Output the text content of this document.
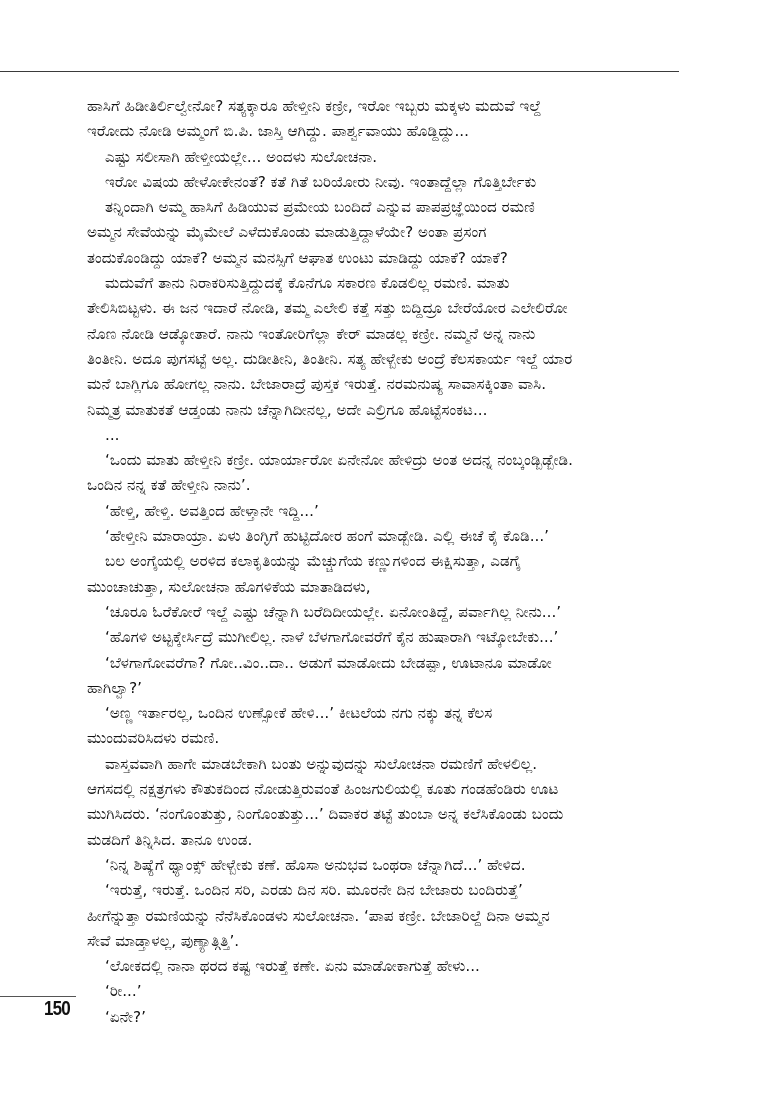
ಹಾಸಿಗೆ ಹಿಡೀತಿರ್ಲಿಲ್ವೇನೋ? ಸತ್ಯಕ್ಕಾರೂ ಹೇಳ್ತೀನಿ ಕಣ್ರೀ, ಇರೋ ಇಬ್ಬರು ಮಕ್ಕಳು ಮದುವೆ ಇಲ್ದೆ
ಇರೋದು ನೋಡಿ ಅಮ್ಮಂಗೆ ಬಿ.ಪಿ. ಜಾಸ್ತಿ ಆಗಿದ್ದು. ಪಾರ್ಶ್ವವಾಯು ಹೊಡ್ದಿದ್ದು...
ಎಷ್ಟು ಸಲೀಸಾಗಿ ಹೇಳ್ತೀಯಲ್ಲೇ... ಅಂದಳು ಸುಲೋಚನಾ.
ಇರೋ ವಿಷಯ ಹೇಳೋಕೇನಂತೆ? ಕತೆ ಗಿತೆ ಬರಿಯೋರು ನೀವು. ಇಂತಾದ್ದೆಲ್ಲಾ ಗೊತ್ತಿರ್ಬೇಕು
ತನ್ನಿಂದಾಗಿ ಅಮ್ಮ ಹಾಸಿಗೆ ಹಿಡಿಯುವ ಪ್ರಮೇಯ ಬಂದಿದೆ ಎನ್ನುವ ಪಾಪಪ್ರಜ್ಞೆಯಿಂದ ರಮಣಿ
ಅಮ್ಮನ ಸೇವೆಯನ್ನು ಮೈಮೇಲೆ ಎಳೆದುಕೊಂಡು ಮಾಡುತ್ತಿದ್ದಾಳೆಯೇ? ಅಂತಾ ಪ್ರಸಂಗ
ತಂದುಕೊಂಡಿದ್ದು ಯಾಕೆ? ಅಮ್ಮನ ಮನಸ್ಸಿಗೆ ಆಘಾತ ಉಂಟು ಮಾಡಿದ್ದು ಯಾಕೆ? ಯಾಕೆ?
ಮದುವೆಗೆ ತಾನು ನಿರಾಕರಿಸುತ್ತಿದ್ದುದಕ್ಕೆ ಕೊನೆಗೂ ಸಕಾರಣ ಕೊಡಲಿಲ್ಲ ರಮಣಿ. ಮಾತು
ತೇಲಿಸಿಬಿಟ್ಟಳು. ಈ ಜನ ಇದಾರೆ ನೋಡಿ, ತಮ್ಮ ಎಲೇಲಿ ಕತ್ತೆ ಸತ್ತು ಬಿದ್ದಿದ್ರೂ ಬೇರೆಯೋರ ಎಲೇಲಿರೋ
ನೊಣ ನೋಡಿ ಆಡ್ಕೋತಾರೆ. ನಾನು ಇಂತೋರಿಗೆಲ್ಲಾ ಕೇರ್ ಮಾಡಲ್ಲ ಕಣ್ರೀ. ನಮ್ಮನೆ ಅನ್ನ ನಾನು
ತಿಂತೀನಿ. ಅದೂ ಪುಗಸಟ್ಟೆ ಅಲ್ಲ. ದುಡೀತೀನಿ, ತಿಂತೀನಿ. ಸತ್ಯ ಹೇಳ್ಬೇಕು ಅಂದ್ರೆ ಕೆಲಸಕಾರ್ಯ ಇಲ್ದೆ ಯಾರ
ಮನೆ ಬಾಗ್ಲಿಗೂ ಹೋಗಲ್ಲ ನಾನು. ಬೇಜಾರಾದ್ರೆ ಪುಸ್ತಕ ಇರುತ್ತೆ. ನರಮನುಷ್ಯ ಸಾವಾಸಕ್ಕಿಂತಾ ವಾಸಿ.
ನಿಮ್ಮತ್ರ ಮಾತುಕತೆ ಆಡ್ತಂಡು ನಾನು ಚೆನ್ನಾಗಿದೀನಲ್ಲ, ಅದೇ ಎಲ್ರಿಗೂ ಹೊಟ್ಟೆಸಂಕಟ...
...
‘ಒಂದು ಮಾತು ಹೇಳ್ತೀನಿ ಕಣ್ರೀ. ಯಾರ್ಯಾರೋ ಏನೇನೋ ಹೇಳಿದ್ರು ಅಂತ ಅದನ್ನ ನಂಬ್ಕಂಡ್ಬಿಡ್ಬೇಡಿ.
ಒಂದಿನ ನನ್ನ ಕತೆ ಹೇಳ್ತೀನಿ ನಾನು’.
‘ಹೇಳ್ತಿ, ಹೇಳ್ತಿ. ಅವತ್ತಿಂದ ಹೇಳ್ತಾನೇ ಇದ್ದಿ...’
‘ಹೇಳ್ತೀನಿ ಮಾರಾಯ್ರಾ. ಏಳು ತಿಂಗ್ಳಿಗೆ ಹುಟ್ಟಿದೋರ ಹಂಗೆ ಮಾಡ್ಬೇಡಿ. ಎಲ್ಲಿ ಈಚೆ ಕೈ ಕೊಡಿ...’
ಬಲ ಅಂಗೈಯಲ್ಲಿ ಅರಳಿದ ಕಲಾಕೃತಿಯನ್ನು ಮೆಚ್ಚುಗೆಯ ಕಣ್ಣುಗಳಿಂದ ಈಕ್ಷಿಸುತ್ತಾ, ಎಡಗೈ
ಮುಂಚಾಚುತ್ತಾ, ಸುಲೋಚನಾ ಹೊಗಳಿಕೆಯ ಮಾತಾಡಿದಳು,
‘ಚೂರೂ ಓರೆಕೋರೆ ಇಲ್ದೆ ಎಷ್ಟು ಚೆನ್ನಾಗಿ ಬರೆದಿದೀಯಲ್ಲೇ. ಏನೋಂತಿದ್ದೆ, ಪರ್ವಾಗಿಲ್ಲ ನೀನು...’
‘ಹೊಗಳಿ ಅಟ್ಟಕ್ಕೇರ್ಸಿದ್ರೆ ಮುಗೀಲಿಲ್ಲ. ನಾಳೆ ಬೆಳಗಾಗೋವರೆಗೆ ಕೈನ ಹುಷಾರಾಗಿ ಇಟ್ಕೋಬೇಕು...’
‘ಬೆಳಗಾಗೋವರೆಗಾ? ಗೋ..ವಿಂ..ದಾ.. ಅಡುಗೆ ಮಾಡೋದು ಬೇಡಪ್ಪಾ, ಊಟಾನೂ ಮಾಡೋ
ಹಾಗಿಲ್ವಾ?’
‘ಅಣ್ಣ ಇರ್ತಾರಲ್ಲ, ಒಂದಿನ ಉಣ್ಸೋಕೆ ಹೇಳಿ...’ ಕೀಟಲೆಯ ನಗು ನಕ್ಕು ತನ್ನ ಕೆಲಸ
ಮುಂದುವರಿಸಿದಳು ರಮಣಿ.
ವಾಸ್ತವವಾಗಿ ಹಾಗೇ ಮಾಡಬೇಕಾಗಿ ಬಂತು ಅನ್ನುವುದನ್ನು ಸುಲೋಚನಾ ರಮಣಿಗೆ ಹೇಳಲಿಲ್ಲ.
ಆಗಸದಲ್ಲಿ ನಕ್ಷತ್ರಗಳು ಕೌತುಕದಿಂದ ನೋಡುತ್ತಿರುವಂತೆ ಹಿಂಜಗುಲಿಯಲ್ಲಿ ಕೂತು ಗಂಡಹೆಂಡಿರು ಊಟ
ಮುಗಿಸಿದರು. ‘ನಂಗೊಂತುತ್ತು, ನಿಂಗೊಂತುತ್ತು...’ ದಿವಾಕರ ತಟ್ಟೆ ತುಂಬಾ ಅನ್ನ ಕಲೆಸಿಕೊಂಡು ಬಂದು
ಮಡದಿಗೆ ತಿನ್ನಿಸಿದ. ತಾನೂ ಉಂಡ.
‘ನಿನ್ನ ಶಿಷ್ಯೆಗೆ ಥ್ಯಾಂಕ್ಸ್ ಹೇಳ್ಬೇಕು ಕಣೆ. ಹೊಸಾ ಅನುಭವ ಒಂಥರಾ ಚೆನ್ನಾಗಿದೆ...’ ಹೇಳಿದ.
‘ಇರುತ್ತೆ, ಇರುತ್ತೆ. ಒಂದಿನ ಸರಿ, ಎರಡು ದಿನ ಸರಿ. ಮೂರನೇ ದಿನ ಬೇಜಾರು ಬಂದಿರುತ್ತೆ’
ಹೀಗೆನ್ನುತ್ತಾ ರಮಣಿಯನ್ನು ನೆನೆಸಿಕೊಂಡಳು ಸುಲೋಚನಾ. ‘ಪಾಪ ಕಣ್ರೀ. ಬೇಜಾರಿಲ್ದೆ ದಿನಾ ಅಮ್ಮನ
ಸೇವೆ ಮಾಡ್ತಾಳಲ್ಲ, ಪುಣ್ಯಾತ್ಗಿತ್ತಿ’.
‘ಲೋಕದಲ್ಲಿ ನಾನಾ ಥರದ ಕಷ್ಟ ಇರುತ್ತೆ ಕಣೇ. ಏನು ಮಾಡೋಕಾಗುತ್ತೆ ಹೇಳು...
‘ರೀ...’
‘ಏನೇ?’
150
